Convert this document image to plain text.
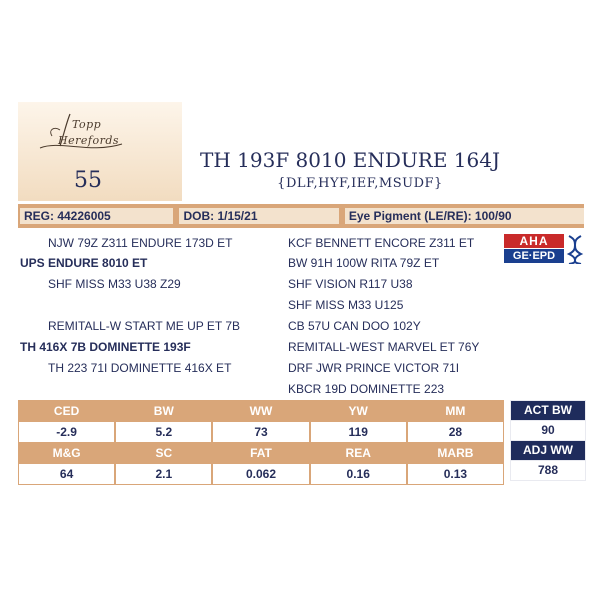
Topp
Herefords
55
TH 193F 8010 ENDURE 164J
{DLF,HYF,IEF,MSUDF}
REG: 44226005	DOB: 1/15/21	Eye Pigment (LE/RE): 100/90
NJW 79Z Z311 ENDURE 173D ET
UPS ENDURE 8010 ET
SHF MISS M33 U38 Z29
REMITALL-W START ME UP ET 7B
TH 416X 7B DOMINETTE 193F
TH 223 71I DOMINETTE 416X ET
KCF BENNETT ENCORE Z311 ET
BW 91H 100W RITA 79Z ET
SHF VISION R117 U38
SHF MISS M33 U125
CB 57U CAN DOO 102Y
REMITALL-WEST MARVEL ET 76Y
DRF JWR PRINCE VICTOR 71I
KBCR 19D DOMINETTE 223
AHA
GE·EPD
CED	BW	WW	YW	MM
-2.9	5.2	73	119	28
M&G	SC	FAT	REA	MARB
64	2.1	0.062	0.16	0.13
ACT BW
90
ADJ WW
788
